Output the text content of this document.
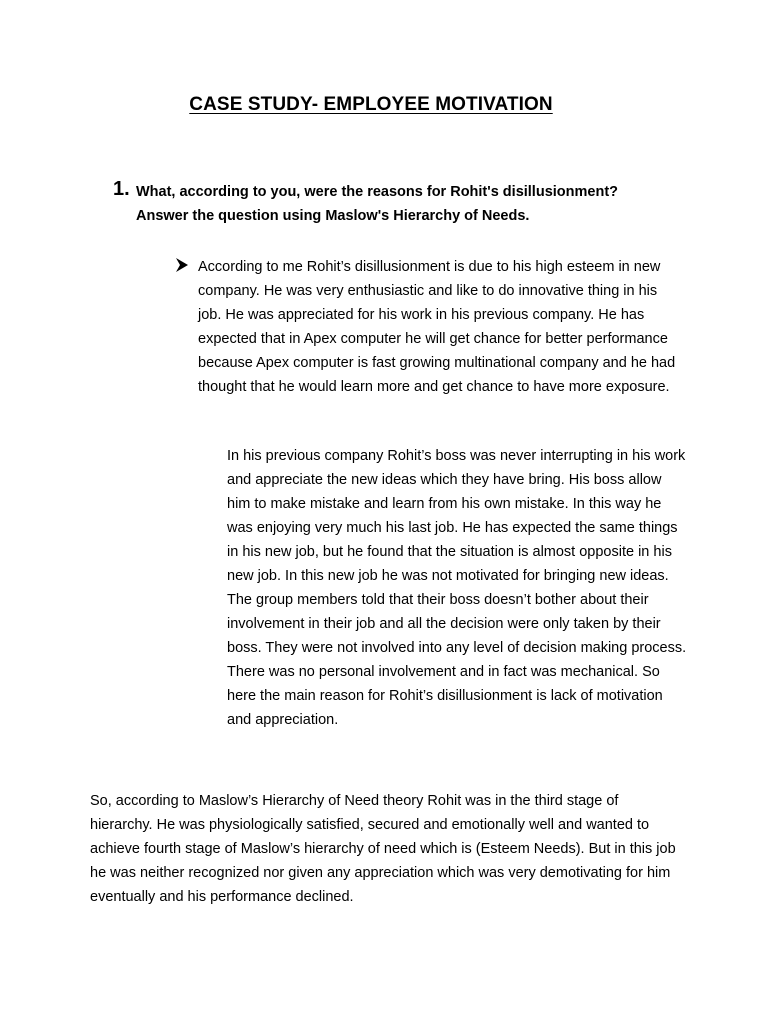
CASE STUDY- EMPLOYEE MOTIVATION
1. What, according to you, were the reasons for Rohit's disillusionment? Answer the question using Maslow's Hierarchy of Needs.
According to me Rohit’s disillusionment is due to his high esteem in new company. He was very enthusiastic and like to do innovative thing in his job. He was appreciated for his work in his previous company. He has expected that in Apex computer he will get chance for better performance because Apex computer is fast growing multinational company and he had thought that he would learn more and get chance to have more exposure.
In his previous company Rohit’s boss was never interrupting in his work and appreciate the new ideas which they have bring. His boss allow him to make mistake and learn from his own mistake. In this way he was enjoying very much his last job. He has expected the same things in his new job, but he found that the situation is almost opposite in his new job. In this new job he was not motivated for bringing new ideas. The group members told that their boss doesn’t bother about their involvement in their job and all the decision were only taken by their boss. They were not involved into any level of decision making process. There was no personal involvement and in fact was mechanical. So here the main reason for Rohit’s disillusionment is lack of motivation and appreciation.
So, according to Maslow’s Hierarchy of Need theory Rohit was in the third stage of hierarchy. He was physiologically satisfied, secured and emotionally well and wanted to achieve fourth stage of Maslow’s hierarchy of need which is (Esteem Needs). But in this job he was neither recognized nor given any appreciation which was very demotivating for him eventually and his performance declined.
